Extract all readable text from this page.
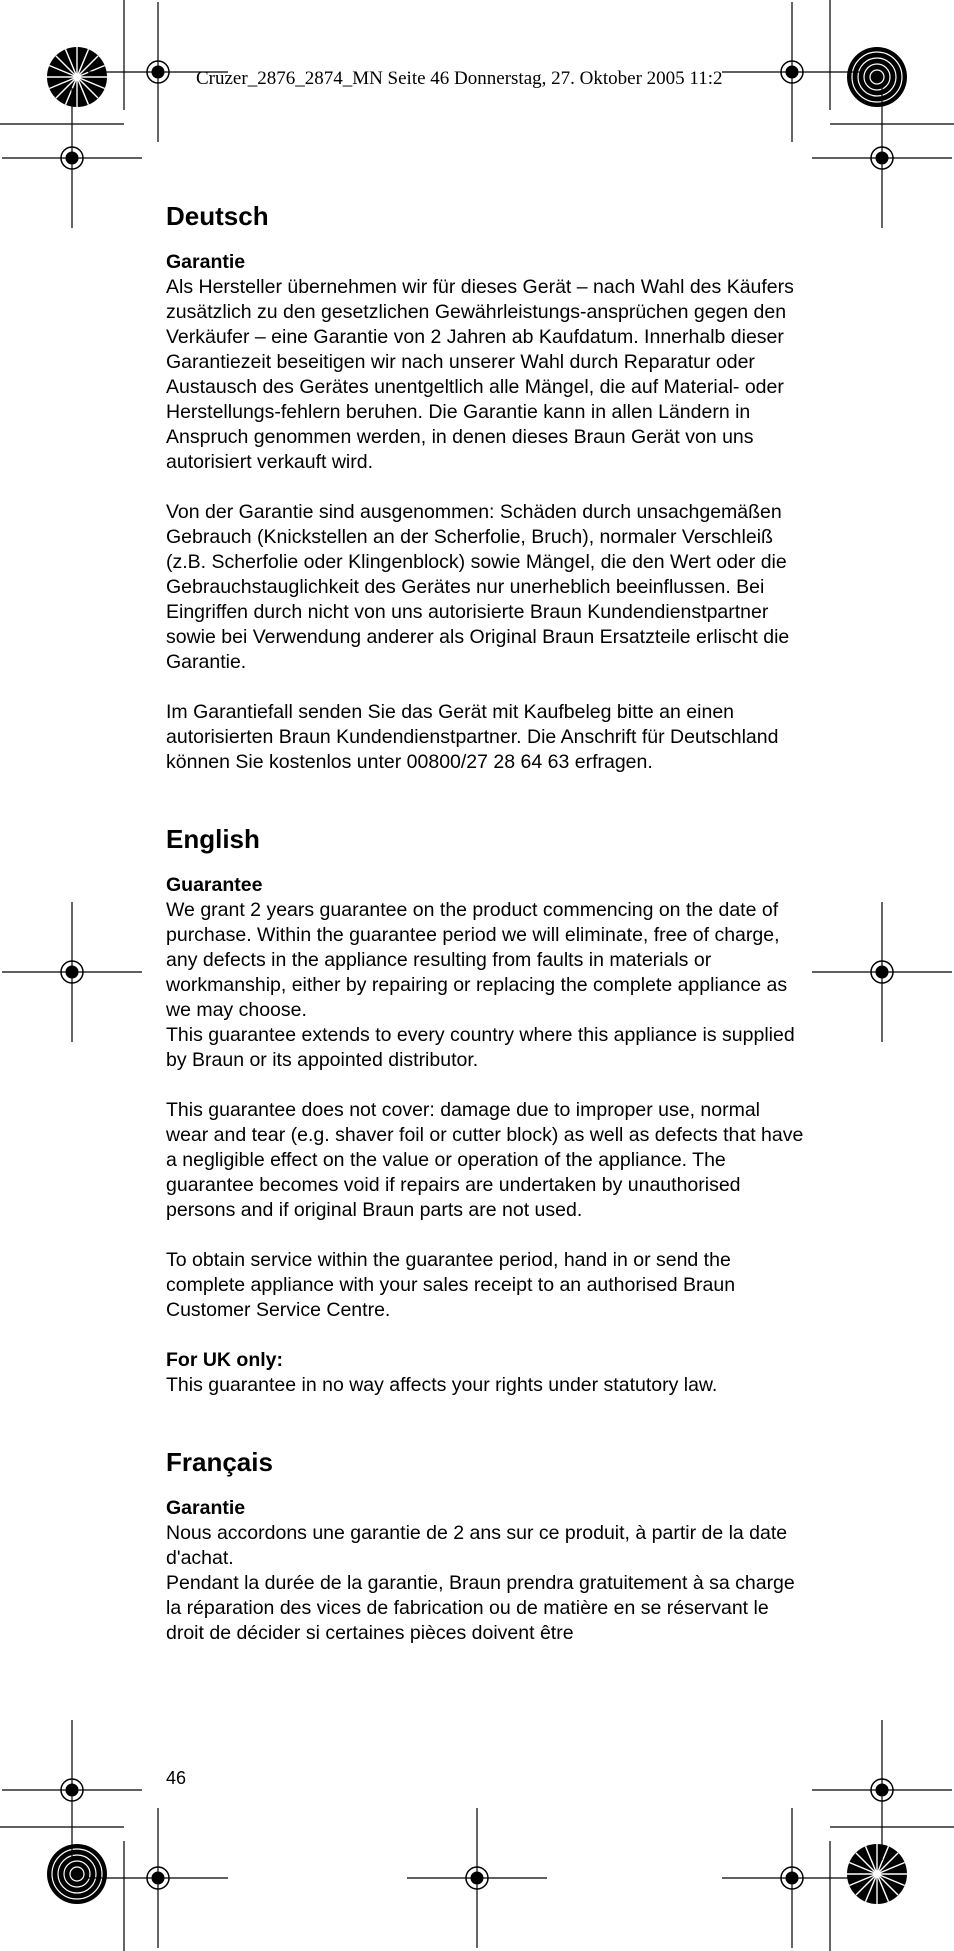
Cruzer_2876_2874_MN Seite 46 Donnerstag, 27. Oktober 2005 11:2
Deutsch
Garantie

Als Hersteller übernehmen wir für dieses Gerät – nach Wahl des Käufers zusätzlich zu den gesetzlichen Gewährleistungs-ansprüchen gegen den Verkäufer – eine Garantie von 2 Jahren ab Kaufdatum. Innerhalb dieser Garantiezeit beseitigen wir nach unserer Wahl durch Reparatur oder Austausch des Gerätes unentgeltlich alle Mängel, die auf Material- oder Herstellungs-fehlern beruhen. Die Garantie kann in allen Ländern in Anspruch genommen werden, in denen dieses Braun Gerät von uns autorisiert verkauft wird.

Von der Garantie sind ausgenommen: Schäden durch unsachgemäßen Gebrauch (Knickstellen an der Scherfolie, Bruch), normaler Verschleiß (z.B. Scherfolie oder Klingenblock) sowie Mängel, die den Wert oder die Gebrauchstauglichkeit des Gerätes nur unerheblich beeinflussen. Bei Eingriffen durch nicht von uns autorisierte Braun Kundendienstpartner sowie bei Verwendung anderer als Original Braun Ersatzteile erlischt die Garantie.

Im Garantiefall senden Sie das Gerät mit Kaufbeleg bitte an einen autorisierten Braun Kundendienstpartner. Die Anschrift für Deutschland können Sie kostenlos unter 00800/27 28 64 63 erfragen.

English
Guarantee

We grant 2 years guarantee on the product commencing on the date of purchase. Within the guarantee period we will eliminate, free of charge, any defects in the appliance resulting from faults in materials or workmanship, either by repairing or replacing the complete appliance as we may choose.

This guarantee extends to every country where this appliance is supplied by Braun or its appointed distributor.

This guarantee does not cover: damage due to improper use, normal wear and tear (e.g. shaver foil or cutter block) as well as defects that have a negligible effect on the value or operation of the appliance. The guarantee becomes void if repairs are undertaken by unauthorised persons and if original Braun parts are not used.

To obtain service within the guarantee period, hand in or send the complete appliance with your sales receipt to an authorised Braun Customer Service Centre.

For UK only:

This guarantee in no way affects your rights under statutory law.

Français
Garantie

Nous accordons une garantie de 2 ans sur ce produit, à partir de la date d'achat.

Pendant la durée de la garantie, Braun prendra gratuitement à sa charge la réparation des vices de fabrication ou de matière en se réservant le droit de décider si certaines pièces doivent être

46
